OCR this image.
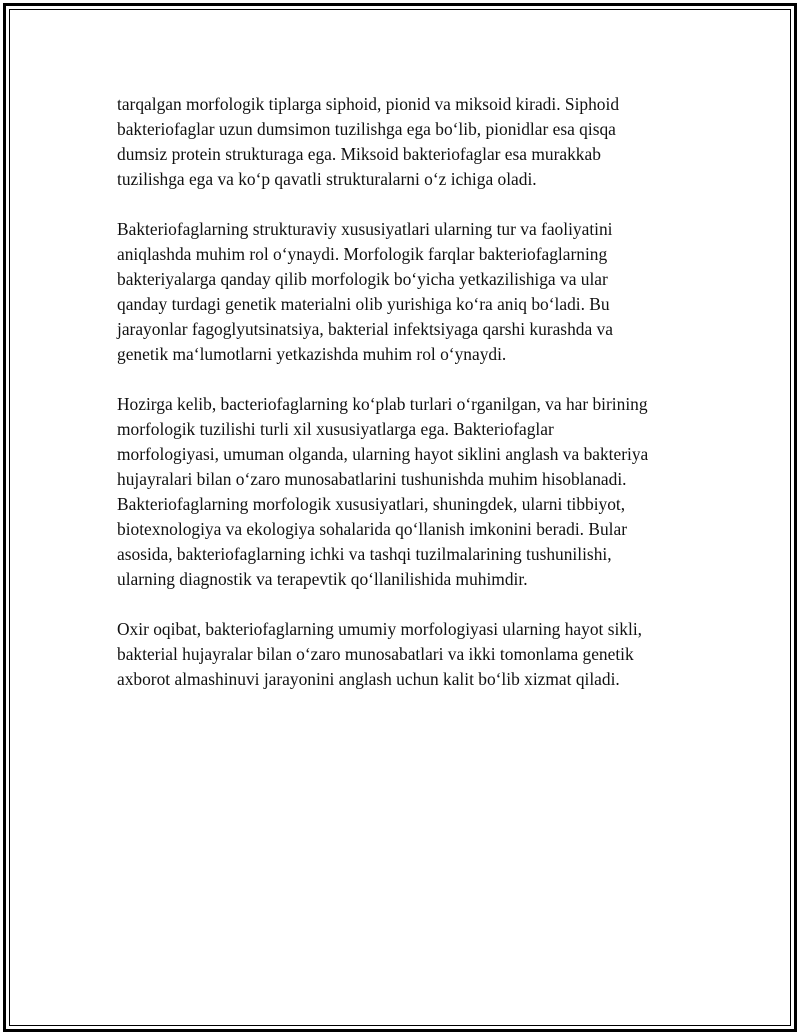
tarqalgan morfologik tiplarga siphoid, pionid va miksoid kiradi. Siphoid
bakteriofaglar uzun dumsimon tuzilishga ega bo‘lib, pionidlar esa qisqa
dumsiz protein strukturaga ega. Miksoid bakteriofaglar esa murakkab
tuzilishga ega va ko‘p qavatli strukturalarni o‘z ichiga oladi.

Bakteriofaglarning strukturaviy xususiyatlari ularning tur va faoliyatini
aniqlashda muhim rol o‘ynaydi. Morfologik farqlar bakteriofaglarning
bakteriyalarga qanday qilib morfologik bo‘yicha yetkazilishiga va ular
qanday turdagi genetik materialni olib yurishiga ko‘ra aniq bo‘ladi. Bu
jarayonlar fagoglyutsinatsiya, bakterial infektsiyaga qarshi kurashda va
genetik ma‘lumotlarni yetkazishda muhim rol o‘ynaydi.

Hozirga kelib, bacteriofaglarning ko‘plab turlari o‘rganilgan, va har birining
morfologik tuzilishi turli xil xususiyatlarga ega. Bakteriofaglar
morfologiyasi, umuman olganda, ularning hayot siklini anglash va bakteriya
hujayralari bilan o‘zaro munosabatlarini tushunishda muhim hisoblanadi.
Bakteriofaglarning morfologik xususiyatlari, shuningdek, ularni tibbiyot,
biotexnologiya va ekologiya sohalarida qo‘llanish imkonini beradi. Bular
asosida, bakteriofaglarning ichki va tashqi tuzilmalarining tushunilishi,
ularning diagnostik va terapevtik qo‘llanilishida muhimdir.

Oxir oqibat, bakteriofaglarning umumiy morfologiyasi ularning hayot sikli,
bakterial hujayralar bilan o‘zaro munosabatlari va ikki tomonlama genetik
axborot almashinuvi jarayonini anglash uchun kalit bo‘lib xizmat qiladi.
